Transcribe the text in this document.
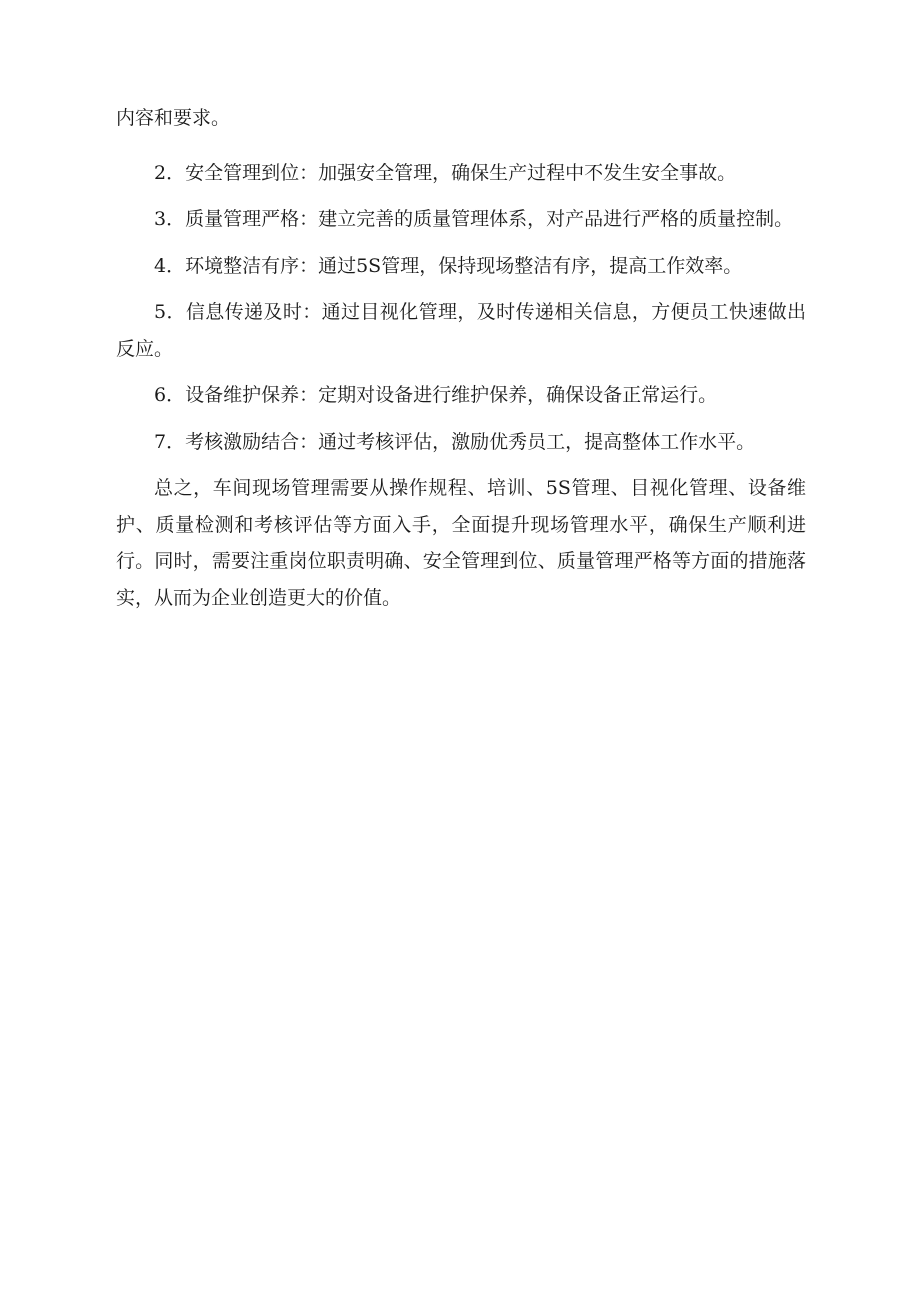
内容和要求。

2．安全管理到位：加强安全管理，确保生产过程中不发生安全事故。

3．质量管理严格：建立完善的质量管理体系，对产品进行严格的质量控制。

4．环境整洁有序：通过5S管理，保持现场整洁有序，提高工作效率。

5．信息传递及时：通过目视化管理，及时传递相关信息，方便员工快速做出反应。

6．设备维护保养：定期对设备进行维护保养，确保设备正常运行。

7．考核激励结合：通过考核评估，激励优秀员工，提高整体工作水平。

总之，车间现场管理需要从操作规程、培训、5S管理、目视化管理、设备维护、质量检测和考核评估等方面入手，全面提升现场管理水平，确保生产顺利进行。同时，需要注重岗位职责明确、安全管理到位、质量管理严格等方面的措施落实，从而为企业创造更大的价值。
